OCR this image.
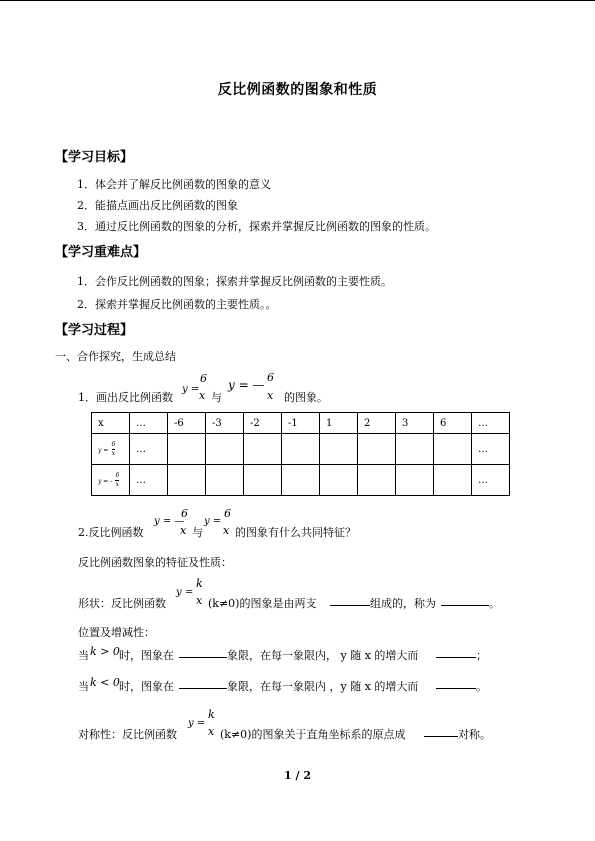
反比例函数的图象和性质
【学习目标】
1．体会并了解反比例函数的图象的意义
2．能描点画出反比例函数的图象
3．通过反比例函数的图象的分析，探索并掌握反比例函数的图象的性质。
【学习重难点】
1．会作反比例函数的图象；探索并掌握反比例函数的主要性质。
2．探索并掌握反比例函数的主要性质。。
【学习过程】
一、合作探究，生成总结
1．画出反比例函数
y =
6
x 与
y = —
6
x 的图象。
x	…	-6	-3	-2	-1	1	2	3	6	…
$y = \frac{6}{x}$	…									…
y = - $\frac{6}{x}$	…									…
2.反比例函数
y = —
6
x 与
y =
6
x 的图象有什么共同特征？
反比例函数图象的特征及性质：
形状：反比例函数
y =
k
x (k≠0)的图象是由两支	组成的，称为	。
位置及增减性：
当 k > 0 时，图象在	象限，在每一象限内， y 随 x 的增大而	；
当 k < 0 时，图象在	象限，在每一象限内 ，y 随 x 的增大而	。
对称性：反比例函数
y =
k
x (k≠0)的图象关于直角坐标系的原点成	对称。
1 / 2
